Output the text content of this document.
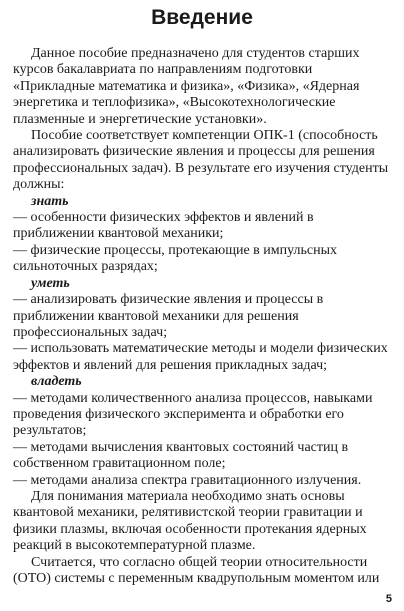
Введение

Данное пособие предназначено для студентов старших курсов бакалавриата по направлениям подготовки «Прикладные математика и физика», «Физика», «Ядерная энергетика и теплофизика», «Высокотехнологические плазменные и энергетические установки».

Пособие соответствует компетенции ОПК-1 (способность анализировать физические явления и процессы для решения профессиональных задач). В результате его изучения студенты должны:

знать

— особенности физических эффектов и явлений в приближении квантовой механики;

— физические процессы, протекающие в импульсных сильноточных разрядах;

уметь

— анализировать физические явления и процессы в приближении квантовой механики для решения профессиональных задач;

— использовать математические методы и модели физических эффектов и явлений для решения прикладных задач;

владеть

— методами количественного анализа процессов, навыками проведения физического эксперимента и обработки его результатов;

— методами вычисления квантовых состояний частиц в собственном гравитационном поле;

— методами анализа спектра гравитационного излучения.

Для понимания материала необходимо знать основы квантовой механики, релятивистской теории гравитации и физики плазмы, включая особенности протекания ядерных реакций в высокотемпературной плазме.

Считается, что согласно общей теории относительности (ОТО) системы с переменным квадрупольным моментом или

5
